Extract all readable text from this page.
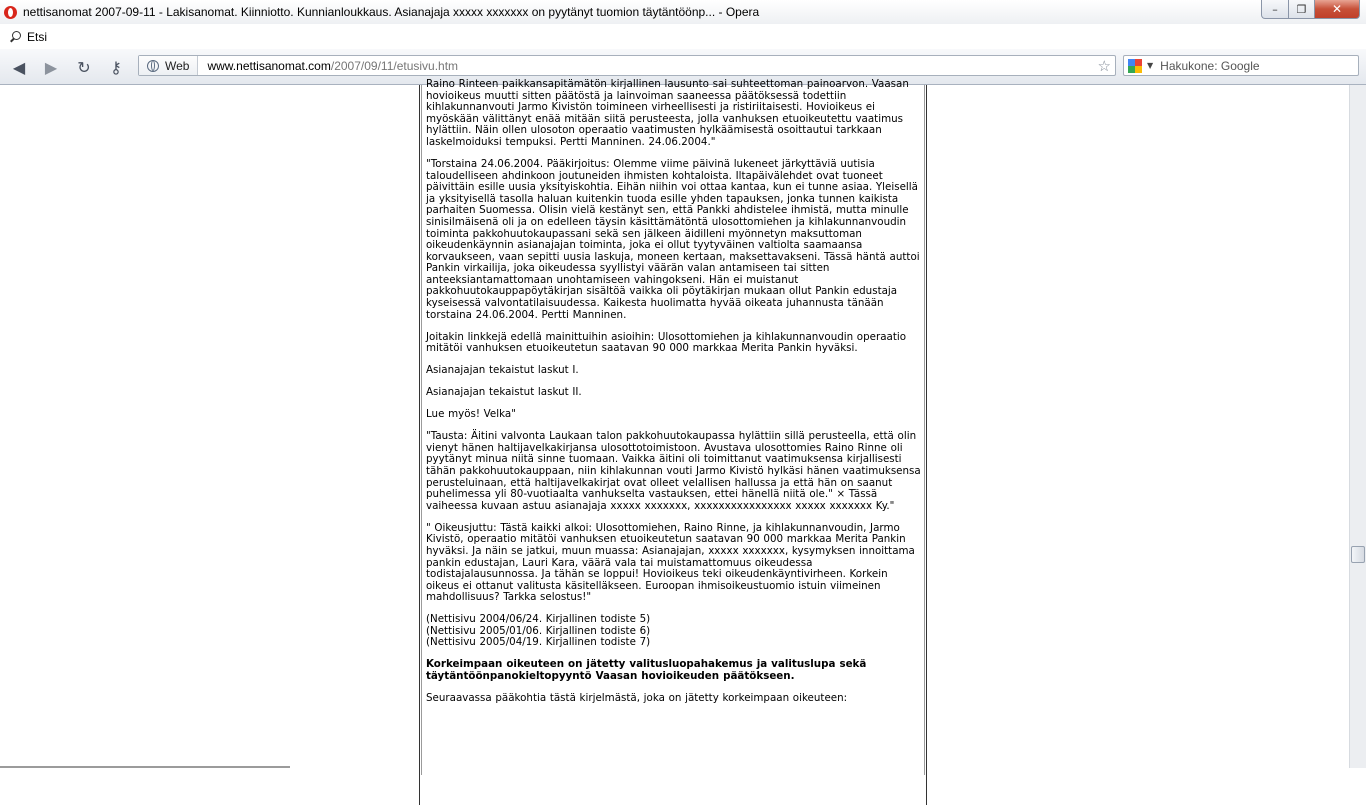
nettisanomat 2007-09-11 - Lakisanomat. Kiinniotto. Kunnianloukkaus. Asianajaja xxxxx xxxxxxx on pyytänyt tuomion täytäntöönp... - Opera	–	❐	✕
Etsi
◀ ▶ ↻ ⚷	Web www.nettisanomat.com/2007/09/11/etusivu.htm	☆	▼ Hakukone: Google

Raino Rinteen paikkansapitämätön kirjallinen lausunto sai suhteettoman painoarvon. Vaasan hovioikeus muutti sitten päätöstä ja lainvoiman saaneessa päätöksessä todettiin kihlakunnanvouti Jarmo Kivistön toimineen virheellisesti ja ristiriitaisesti. Hovioikeus ei myöskään välittänyt enää mitään siitä perusteesta, jolla vanhuksen etuoikeutettu vaatimus hylättiin. Näin ollen ulosoton operaatio vaatimusten hylkäämisestä osoittautui tarkkaan laskelmoiduksi tempuksi. Pertti Manninen. 24.06.2004."

"Torstaina 24.06.2004. Pääkirjoitus: Olemme viime päivinä lukeneet järkyttäviä uutisia taloudelliseen ahdinkoon joutuneiden ihmisten kohtaloista. Iltapäivälehdet ovat tuoneet päivittäin esille uusia yksityiskohtia. Eihän niihin voi ottaa kantaa, kun ei tunne asiaa. Yleisellä ja yksityisellä tasolla haluan kuitenkin tuoda esille yhden tapauksen, jonka tunnen kaikista parhaiten Suomessa. Olisin vielä kestänyt sen, että Pankki ahdistelee ihmistä, mutta minulle sinisilmäisenä oli ja on edelleen täysin käsittämätöntä ulosottomiehen ja kihlakunnanvoudin toiminta pakkohuutokaupassani sekä sen jälkeen äidilleni myönnetyn maksuttoman oikeudenkäynnin asianajajan toiminta, joka ei ollut tyytyväinen valtiolta saamaansa korvaukseen, vaan sepitti uusia laskuja, moneen kertaan, maksettavakseni. Tässä häntä auttoi Pankin virkailija, joka oikeudessa syyllistyi väärän valan antamiseen tai sitten anteeksiantamattomaan unohtamiseen vahingokseni. Hän ei muistanut pakkohuutokauppapöytäkirjan sisältöä vaikka oli pöytäkirjan mukaan ollut Pankin edustaja kyseisessä valvontatilaisuudessa. Kaikesta huolimatta hyvää oikeata juhannusta tänään torstaina 24.06.2004. Pertti Manninen.

Joitakin linkkejä edellä mainittuihin asioihin: Ulosottomiehen ja kihlakunnanvoudin operaatio mitätöi vanhuksen etuoikeutetun saatavan 90 000 markkaa Merita Pankin hyväksi.

Asianajajan tekaistut laskut I.

Asianajajan tekaistut laskut II.

Lue myös! Velka"

"Tausta: Äitini valvonta Laukaan talon pakkohuutokaupassa hylättiin sillä perusteella, että olin vienyt hänen haltijavelkakirjansa ulosottotoimistoon. Avustava ulosottomies Raino Rinne oli pyytänyt minua niitä sinne tuomaan. Vaikka äitini oli toimittanut vaatimuksensa kirjallisesti tähän pakkohuutokauppaan, niin kihlakunnan vouti Jarmo Kivistö hylkäsi hänen vaatimuksensa perusteluinaan, että haltijavelkakirjat ovat olleet velallisen hallussa ja että hän on saanut puhelimessa yli 80-vuotiaalta vanhukselta vastauksen, ettei hänellä niitä ole." × Tässä vaiheessa kuvaan astuu asianajaja xxxxx xxxxxxx, xxxxxxxxxxxxxxxx xxxxx xxxxxxx Ky."

" Oikeusjuttu: Tästä kaikki alkoi: Ulosottomiehen, Raino Rinne, ja kihlakunnanvoudin, Jarmo Kivistö, operaatio mitätöi vanhuksen etuoikeutetun saatavan 90 000 markkaa Merita Pankin hyväksi. Ja näin se jatkui, muun muassa: Asianajajan, xxxxx xxxxxxx, kysymyksen innoittama pankin edustajan, Lauri Kara, väärä vala tai muistamattomuus oikeudessa todistajalausunnossa. Ja tähän se loppui! Hovioikeus teki oikeudenkäyntivirheen. Korkein oikeus ei ottanut valitusta käsitelläkseen. Euroopan ihmisoikeustuomio istuin viimeinen mahdollisuus? Tarkka selostus!"

(Nettisivu 2004/06/24. Kirjallinen todiste 5)
(Nettisivu 2005/01/06. Kirjallinen todiste 6)
(Nettisivu 2005/04/19. Kirjallinen todiste 7)

Korkeimpaan oikeuteen on jätetty valitusluopahakemus ja valituslupa sekä täytäntöönpanokieltopyyntö Vaasan hovioikeuden päätökseen.

Seuraavassa pääkohtia tästä kirjelmästä, joka on jätetty korkeimpaan oikeuteen:
